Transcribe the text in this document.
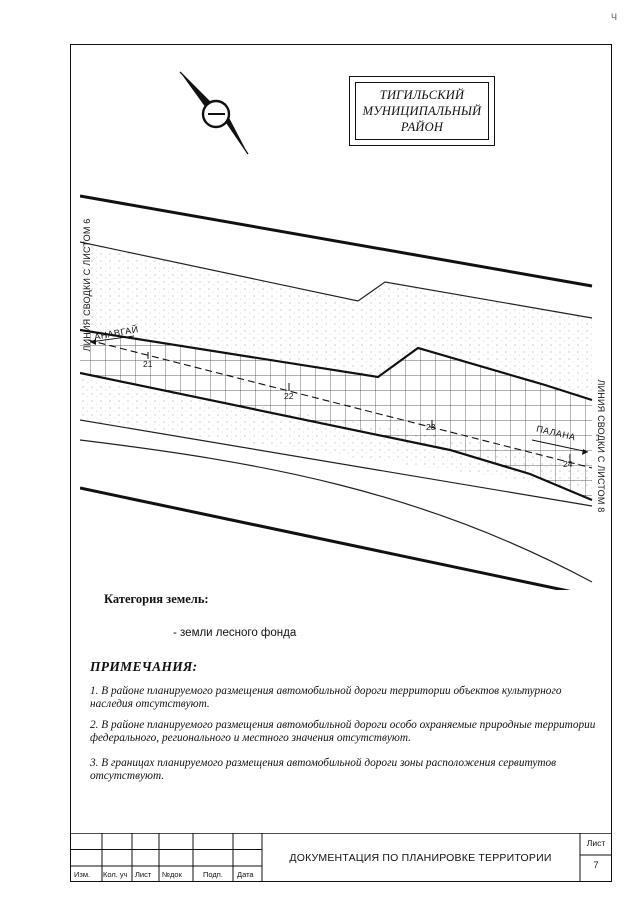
Ч
ТИГИЛЬСКИЙ
МУНИЦИПАЛЬНЫЙ
РАЙОН
ЛИНИЯ СВОДКИ С ЛИСТОМ 6
ЛИНИЯ СВОДКИ С ЛИСТОМ 8
АНАВГАЙ
ПАЛАНА
21
22
23
24
Категория земель:
- земли лесного фонда
ПРИМЕЧАНИЯ:
1. В районе планируемого размещения автомобильной дороги территории объектов культурного наследия отсутствуют.
2. В районе планируемого размещения автомобильной дороги особо охраняемые природные территории федерального, регионального и местного значения отсутствуют.
3. В границах планируемого размещения автомобильной дороги зоны расположения сервитутов отсутствуют.
Изм. Кол. уч Лист №док	Подп. Дата
ДОКУМЕНТАЦИЯ ПО ПЛАНИРОВКЕ ТЕРРИТОРИИ
Лист
7
